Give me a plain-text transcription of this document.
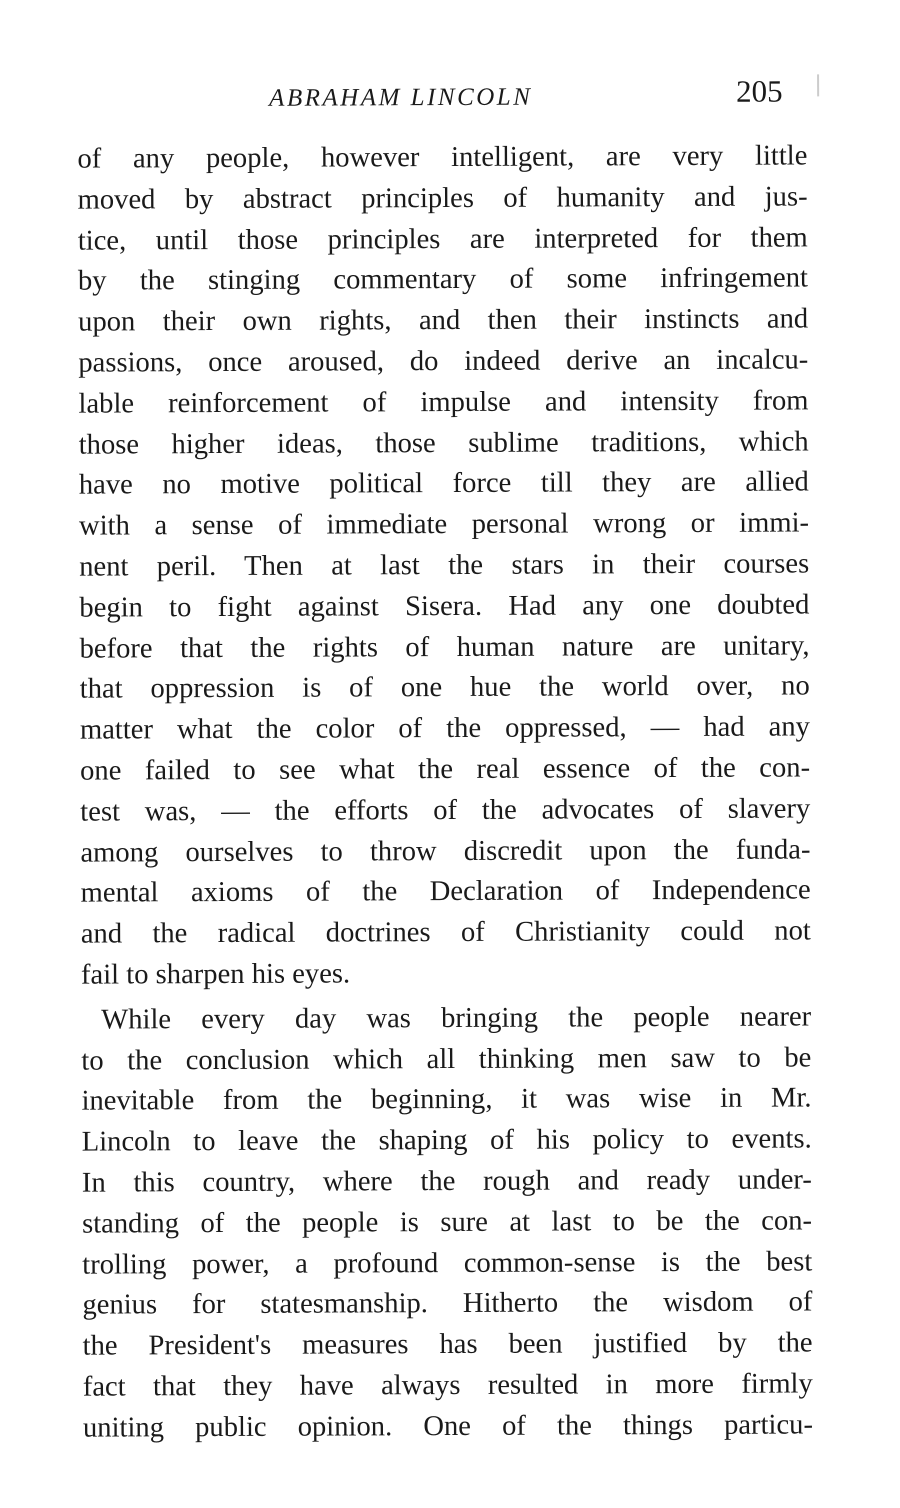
ABRAHAM LINCOLN	205
of any people, however intelligent, are very little
moved by abstract principles of humanity and jus-
tice, until those principles are interpreted for them
by the stinging commentary of some infringement
upon their own rights, and then their instincts and
passions, once aroused, do indeed derive an incalcu-
lable reinforcement of impulse and intensity from
those higher ideas, those sublime traditions, which
have no motive political force till they are allied
with a sense of immediate personal wrong or immi-
nent peril. Then at last the stars in their courses
begin to fight against Sisera. Had any one doubted
before that the rights of human nature are unitary,
that oppression is of one hue the world over, no
matter what the color of the oppressed, — had any
one failed to see what the real essence of the con-
test was, — the efforts of the advocates of slavery
among ourselves to throw discredit upon the funda-
mental axioms of the Declaration of Independence
and the radical doctrines of Christianity could not
fail to sharpen his eyes.
While every day was bringing the people nearer
to the conclusion which all thinking men saw to be
inevitable from the beginning, it was wise in Mr.
Lincoln to leave the shaping of his policy to events.
In this country, where the rough and ready under-
standing of the people is sure at last to be the con-
trolling power, a profound common-sense is the best
genius for statesmanship. Hitherto the wisdom of
the President's measures has been justified by the
fact that they have always resulted in more firmly
uniting public opinion. One of the things particu-
